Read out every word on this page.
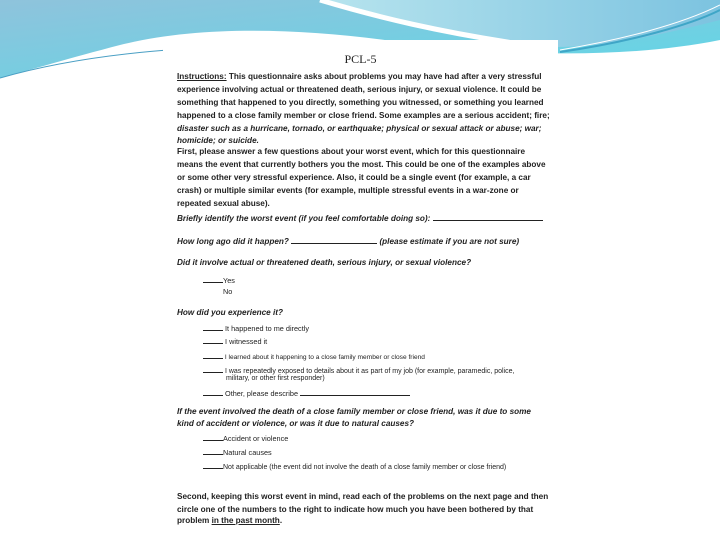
PCL-5
Instructions: This questionnaire asks about problems you may have had after a very stressful
experience involving actual or threatened death, serious injury, or sexual violence. It could be
something that happened to you directly, something you witnessed, or something you learned
happened to a close family member or close friend. Some examples are a serious accident; fire;
disaster such as a hurricane, tornado, or earthquake; physical or sexual attack or abuse; war;
homicide; or suicide.
First, please answer a few questions about your worst event, which for this questionnaire
means the event that currently bothers you the most. This could be one of the examples above
or some other very stressful experience. Also, it could be a single event (for example, a car
crash) or multiple similar events (for example, multiple stressful events in a war-zone or
repeated sexual abuse).
Briefly identify the worst event (if you feel comfortable doing so):
How long ago did it happen?	(please estimate if you are not sure)
Did it involve actual or threatened death, serious injury, or sexual violence?
Yes
No
How did you experience it?
It happened to me directly
I witnessed it
I learned about it happening to a close family member or close friend
I was repeatedly exposed to details about it as part of my job (for example, paramedic, police,
military, or other first responder)
Other, please describe
If the event involved the death of a close family member or close friend, was it due to some
kind of accident or violence, or was it due to natural causes?
Accident or violence
Natural causes
Not applicable (the event did not involve the death of a close family member or close friend)
Second, keeping this worst event in mind, read each of the problems on the next page and then
circle one of the numbers to the right to indicate how much you have been bothered by that
problem in the past month.
